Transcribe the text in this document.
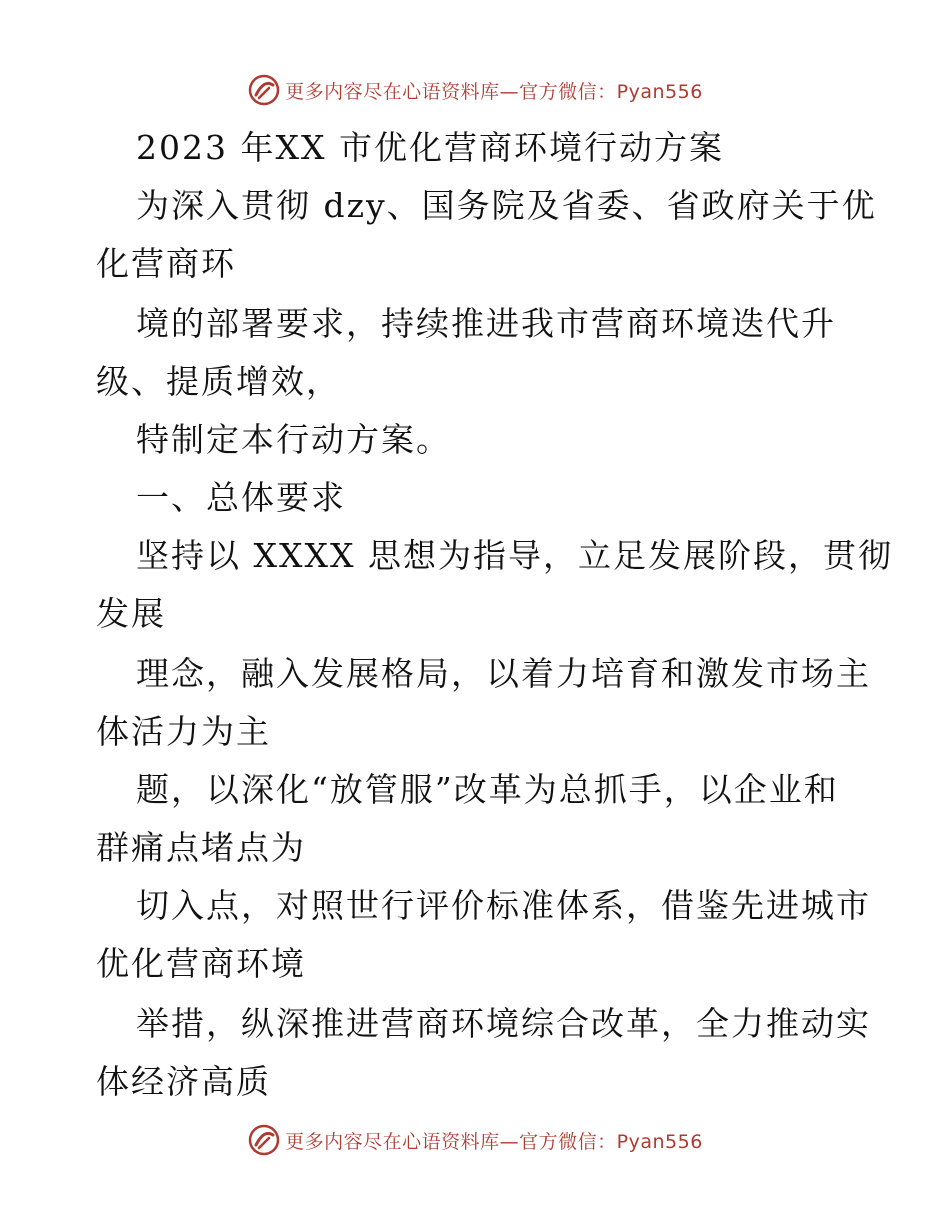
更多内容尽在心语资料库—官方微信：Pyan556
2023 年XX 市优化营商环境行动方案
为深入贯彻 dzy、国务院及省委、省政府关于优
化营商环
境的部署要求，持续推进我市营商环境迭代升
级、提质增效，
特制定本行动方案。
一、总体要求
坚持以 XXXX 思想为指导，立足发展阶段，贯彻
发展
理念，融入发展格局，以着力培育和激发市场主
体活力为主
题，以深化“放管服”改革为总抓手，以企业和
群痛点堵点为
切入点，对照世行评价标准体系，借鉴先进城市
优化营商环境
举措，纵深推进营商环境综合改革，全力推动实
体经济高质
更多内容尽在心语资料库—官方微信：Pyan556
